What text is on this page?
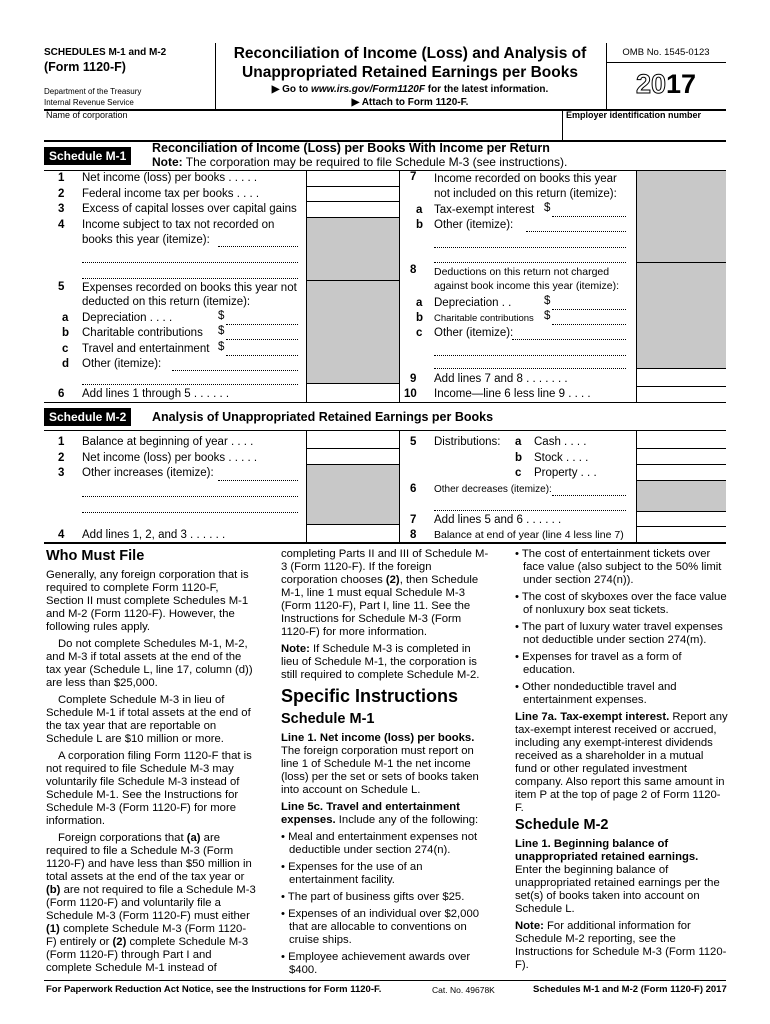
SCHEDULES M-1 and M-2
(Form 1120-F)
Department of the Treasury
Internal Revenue Service
Reconciliation of Income (Loss) and Analysis of
Unappropriated Retained Earnings per Books
▶ Go to www.irs.gov/Form1120F for the latest information.
▶ Attach to Form 1120-F.
OMB No. 1545-0123
2017
Name of corporation	Employer identification number
Schedule M-1
Reconciliation of Income (Loss) per Books With Income per Return
Note: The corporation may be required to file Schedule M-3 (see instructions).
1 Net income (loss) per books . . . . .
2 Federal income tax per books . . . .
3 Excess of capital losses over capital gains
4 Income subject to tax not recorded on
books this year (itemize):
5 Expenses recorded on books this year not
deducted on this return (itemize):
a Depreciation . . . .	$
b Charitable contributions $
c Travel and entertainment $
d Other (itemize):
6 Add lines 1 through 5 . . . . . .
7 Income recorded on books this year
not included on this return (itemize):
a Tax-exempt interest $
b Other (itemize):
8 Deductions on this return not charged
against book income this year (itemize):
a Depreciation . .	$
b Charitable contributions $
c Other (itemize):
9 Add lines 7 and 8 . . . . . . .
10 Income—line 6 less line 9 . . . .
Schedule M-2	Analysis of Unappropriated Retained Earnings per Books
1 Balance at beginning of year . . . .
2 Net income (loss) per books . . . . .
3 Other increases (itemize):
4 Add lines 1, 2, and 3 . . . . . .
5 Distributions: a Cash . . . .
b Stock . . . .
c Property . . .
6 Other decreases (itemize):
7 Add lines 5 and 6 . . . . . .
8 Balance at end of year (line 4 less line 7)
Who Must File

Generally, any foreign corporation that is required to complete Form 1120-F, Section II must complete Schedules M-1 and M-2 (Form 1120-F). However, the following rules apply.

Do not complete Schedules M-1, M-2, and M-3 if total assets at the end of the tax year (Schedule L, line 17, column (d)) are less than $25,000.

Complete Schedule M-3 in lieu of Schedule M-1 if total assets at the end of the tax year that are reportable on Schedule L are $10 million or more.

A corporation filing Form 1120-F that is not required to file Schedule M-3 may voluntarily file Schedule M-3 instead of Schedule M-1. See the Instructions for Schedule M-3 (Form 1120-F) for more information.

Foreign corporations that (a) are required to file a Schedule M-3 (Form 1120-F) and have less than $50 million in total assets at the end of the tax year or (b) are not required to file a Schedule M-3 (Form 1120-F) and voluntarily file a Schedule M-3 (Form 1120-F) must either (1) complete Schedule M-3 (Form 1120-F) entirely or (2) complete Schedule M-3 (Form 1120-F) through Part I and complete Schedule M-1 instead of

completing Parts II and III of Schedule M-3 (Form 1120-F). If the foreign corporation chooses (2), then Schedule M-1, line 1 must equal Schedule M-3 (Form 1120-F), Part I, line 11. See the Instructions for Schedule M-3 (Form 1120-F) for more information.

Note: If Schedule M-3 is completed in lieu of Schedule M-1, the corporation is still required to complete Schedule M-2.

Specific Instructions
Schedule M-1

Line 1. Net income (loss) per books. The foreign corporation must report on line 1 of Schedule M-1 the net income (loss) per the set or sets of books taken into account on Schedule L.

Line 5c. Travel and entertainment expenses. Include any of the following:

• Meal and entertainment expenses not deductible under section 274(n).

• Expenses for the use of an entertainment facility.

• The part of business gifts over $25.

• Expenses of an individual over $2,000 that are allocable to conventions on cruise ships.

• Employee achievement awards over $400.

• The cost of entertainment tickets over face value (also subject to the 50% limit under section 274(n)).

• The cost of skyboxes over the face value of nonluxury box seat tickets.

• The part of luxury water travel expenses not deductible under section 274(m).

• Expenses for travel as a form of education.

• Other nondeductible travel and entertainment expenses.

Line 7a. Tax-exempt interest. Report any tax-exempt interest received or accrued, including any exempt-interest dividends received as a shareholder in a mutual fund or other regulated investment company. Also report this same amount in item P at the top of page 2 of Form 1120-F.

Schedule M-2

Line 1. Beginning balance of unappropriated retained earnings. Enter the beginning balance of unappropriated retained earnings per the set(s) of books taken into account on Schedule L.

Note: For additional information for Schedule M-2 reporting, see the Instructions for Schedule M-3 (Form 1120-F).

For Paperwork Reduction Act Notice, see the Instructions for Form 1120-F.	Cat. No. 49678K	Schedules M-1 and M-2 (Form 1120-F) 2017
